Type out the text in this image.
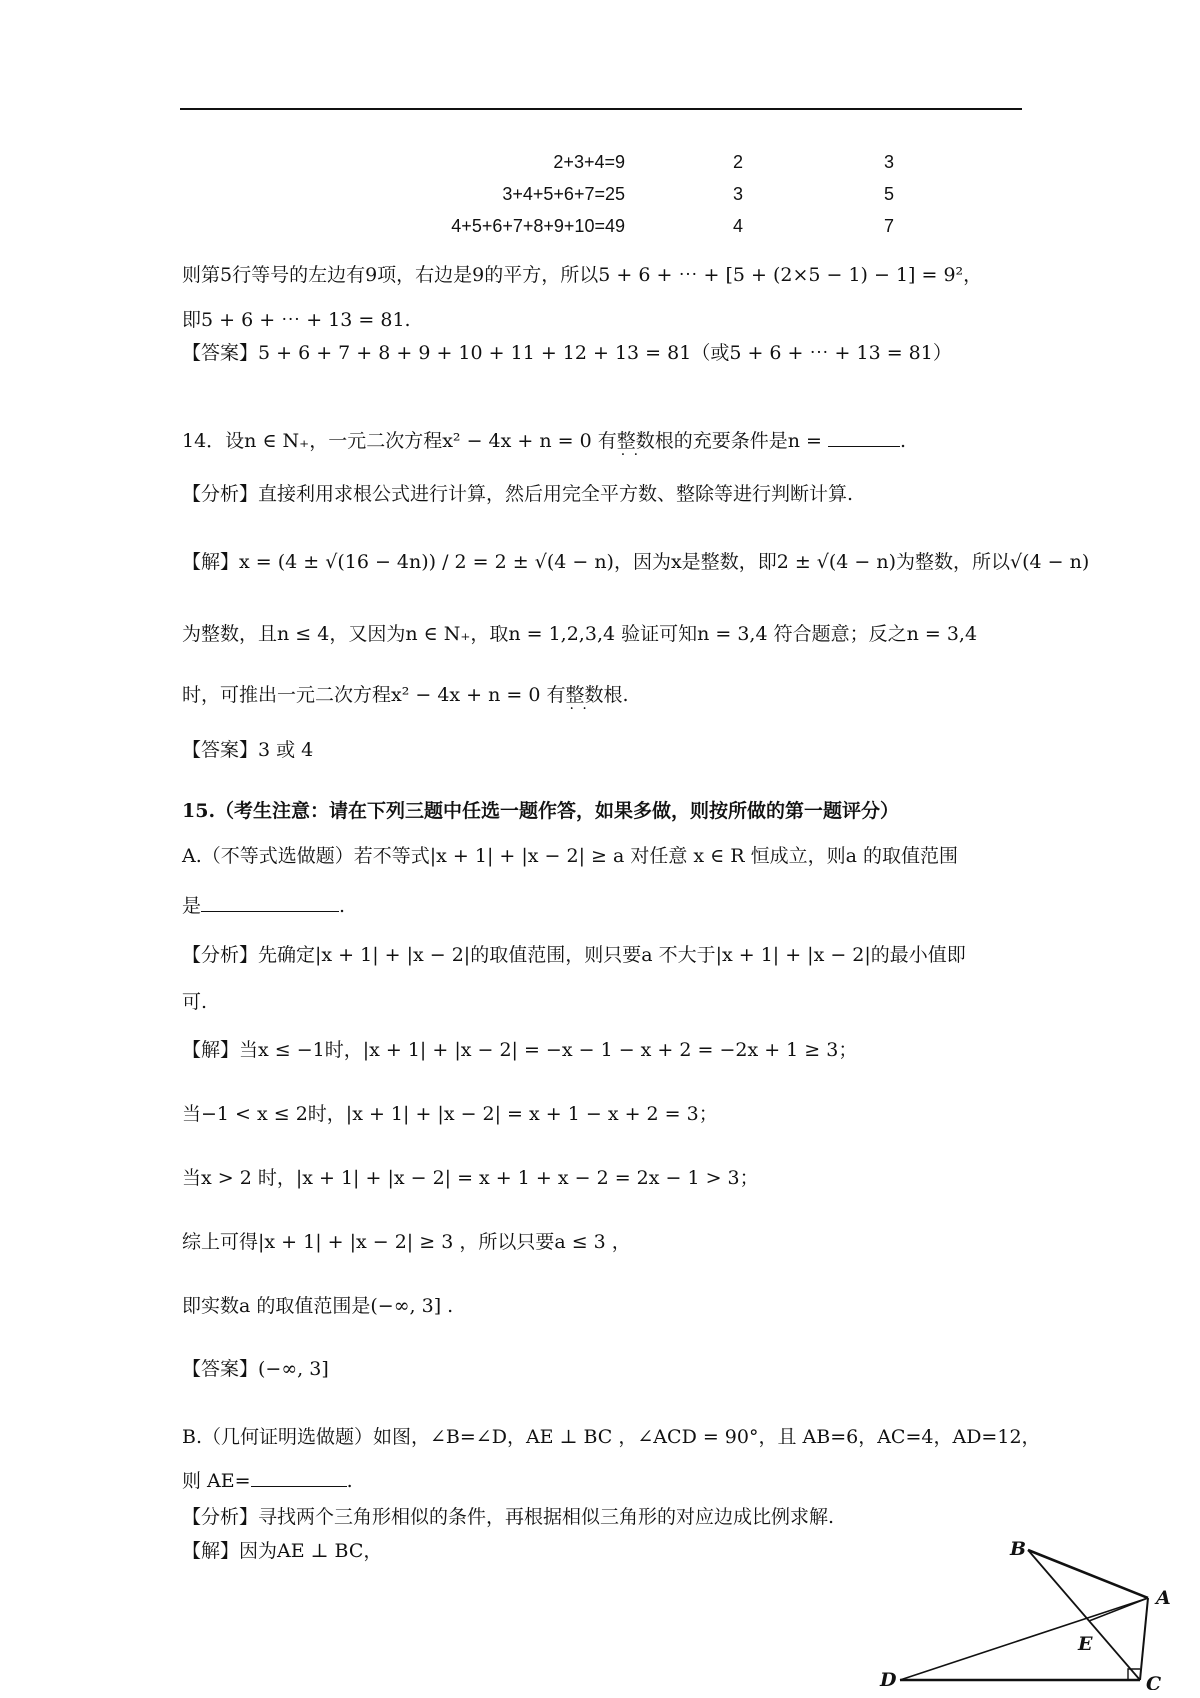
2+3+4=9	2	3
3+4+5+6+7=25	3	5
4+5+6+7+8+9+10=49	4	7
则第5行等号的左边有9项，右边是9的平方，所以5 + 6 + ⋯ + [5 + (2×5 − 1) − 1] = 9²，
即5 + 6 + ⋯ + 13 = 81.
【答案】5 + 6 + 7 + 8 + 9 + 10 + 11 + 12 + 13 = 81（或5 + 6 + ⋯ + 13 = 81）
14．设n ∈ N₊，一元二次方程x² − 4x + n = 0 有整数 · ·根的充要条件是n =	.
【分析】直接利用求根公式进行计算，然后用完全平方数、整除等进行判断计算.
【解】x = (4 ± √(16 − 4n)) / 2 = 2 ± √(4 − n)，因为x是整数，即2 ± √(4 − n)为整数，所以√(4 − n)
为整数，且n ≤ 4，又因为n ∈ N₊，取n = 1,2,3,4 验证可知n = 3,4 符合题意；反之n = 3,4
时，可推出一元二次方程x² − 4x + n = 0 有整数 · ·根.
【答案】3 或 4
15.（考生注意：请在下列三题中任选一题作答，如果多做，则按所做的第一题评分）
A.（不等式选做题）若不等式|x + 1| + |x − 2| ≥ a 对任意 x ∈ R 恒成立，则a 的取值范围
是	.
【分析】先确定|x + 1| + |x − 2|的取值范围，则只要a 不大于|x + 1| + |x − 2|的最小值即
可.
【解】当x ≤ −1时，|x + 1| + |x − 2| = −x − 1 − x + 2 = −2x + 1 ≥ 3；
当−1 < x ≤ 2时，|x + 1| + |x − 2| = x + 1 − x + 2 = 3；
当x > 2 时，|x + 1| + |x − 2| = x + 1 + x − 2 = 2x − 1 > 3；
综上可得|x + 1| + |x − 2| ≥ 3 ，所以只要a ≤ 3 ，
即实数a 的取值范围是(−∞, 3] .
【答案】(−∞, 3]
B.（几何证明选做题）如图，∠B=∠D，AE ⊥ BC ，∠ACD = 90°，且 AB=6，AC=4，AD=12，
则 AE=	.
【分析】寻找两个三角形相似的条件，再根据相似三角形的对应边成比例求解.
【解】因为AE ⊥ BC，	B
A
E
D	C
